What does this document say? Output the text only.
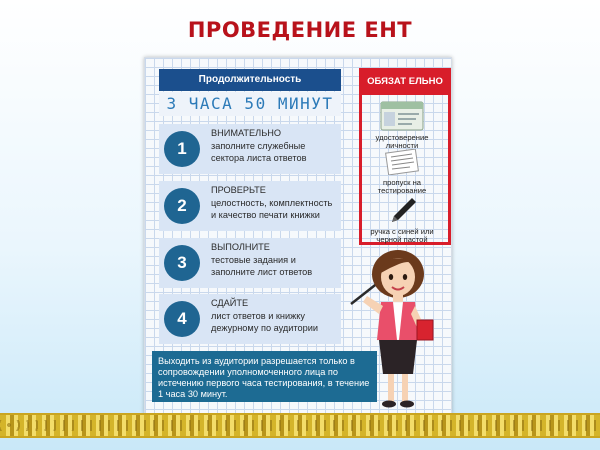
ПРОВЕДЕНИЕ ЕНТ
Продолжительность
3 ЧАСА 50 МИНУТ
1
ВНИМАТЕЛЬНО
заполните служебные
сектора листа ответов
2
ПРОВЕРЬТЕ
целостность, комплектность
и качество печати книжки
3
ВЫПОЛНИТЕ
тестовые задания и
заполните лист ответов
4
СДАЙТЕ
лист ответов и книжку
дежурному по аудитории
ОБЯЗАТ ЕЛЬНО
удостоверение личности
пропуск на тестирование
ручка с синей или черной пастой
Выходить из аудитории разрешается только в сопровождении уполномоченного лица по истечению первого часа тестирования, в течение 1 часа 30 минут.
